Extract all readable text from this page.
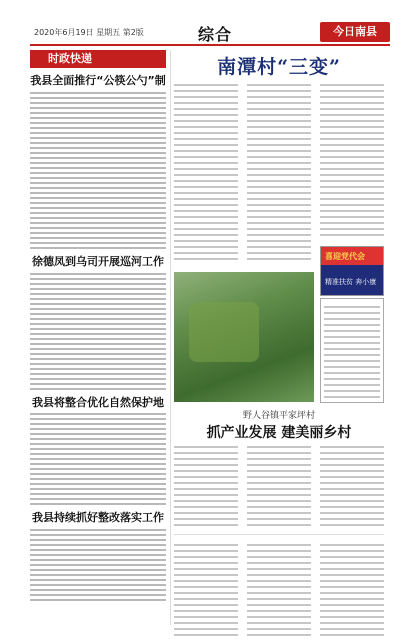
2020年6月19日 星期五 第2版	综合	今日南县
时政快递
我县全面推行“公筷公勺”制
徐德凤到乌司开展巡河工作
我县将整合优化自然保护地
我县持续抓好整改落实工作
南潭村“三变”
喜迎党代会
精准扶贫 奔小康
野人谷镇平家坪村
抓产业发展 建美丽乡村
